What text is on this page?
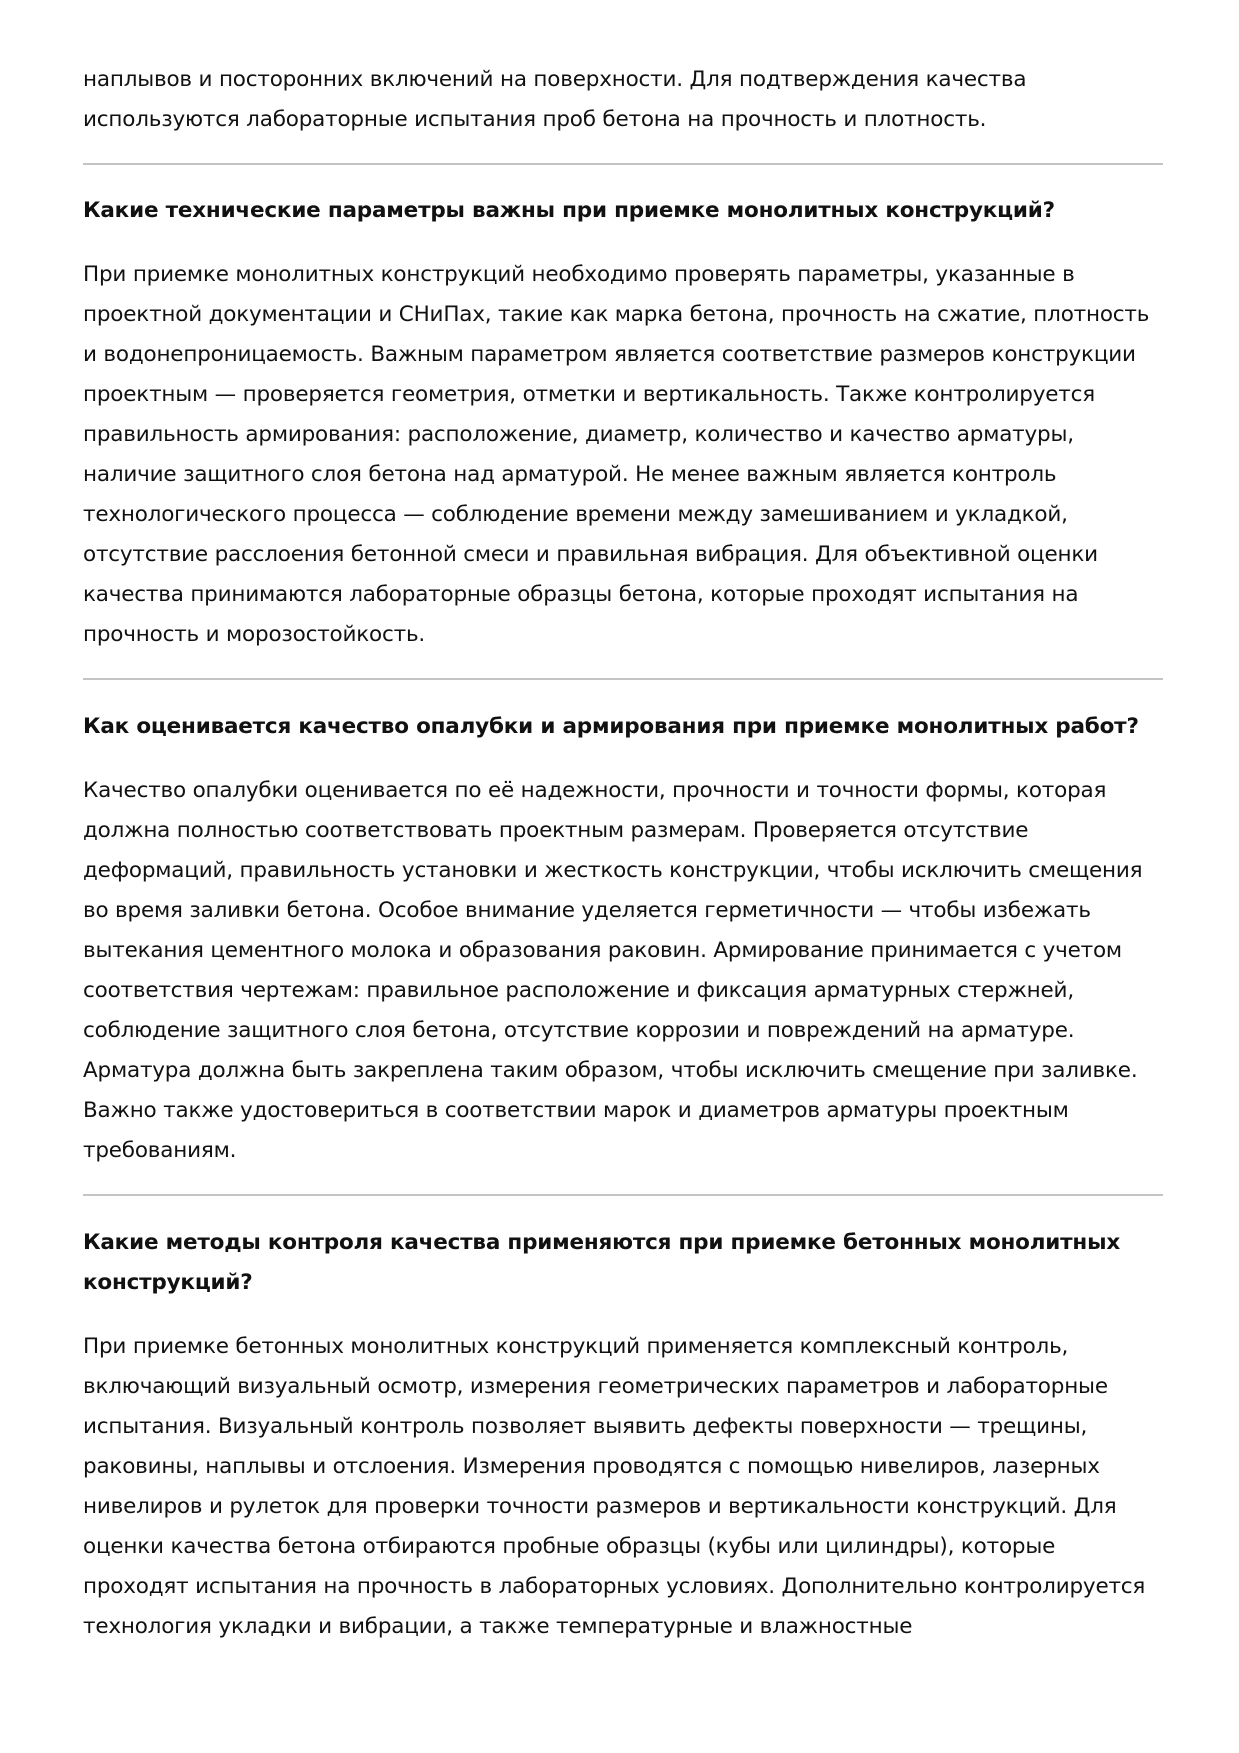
наплывов и посторонних включений на поверхности. Для подтверждения качества используются лабораторные испытания проб бетона на прочность и плотность.

Какие технические параметры важны при приемке монолитных конструкций?

При приемке монолитных конструкций необходимо проверять параметры, указанные в проектной документации и СНиПах, такие как марка бетона, прочность на сжатие, плотность и водонепроницаемость. Важным параметром является соответствие размеров конструкции проектным — проверяется геометрия, отметки и вертикальность. Также контролируется правильность армирования: расположение, диаметр, количество и качество арматуры, наличие защитного слоя бетона над арматурой. Не менее важным является контроль технологического процесса — соблюдение времени между замешиванием и укладкой, отсутствие расслоения бетонной смеси и правильная вибрация. Для объективной оценки качества принимаются лабораторные образцы бетона, которые проходят испытания на прочность и морозостойкость.

Как оценивается качество опалубки и армирования при приемке монолитных работ?

Качество опалубки оценивается по её надежности, прочности и точности формы, которая должна полностью соответствовать проектным размерам. Проверяется отсутствие деформаций, правильность установки и жесткость конструкции, чтобы исключить смещения во время заливки бетона. Особое внимание уделяется герметичности — чтобы избежать вытекания цементного молока и образования раковин. Армирование принимается с учетом соответствия чертежам: правильное расположение и фиксация арматурных стержней, соблюдение защитного слоя бетона, отсутствие коррозии и повреждений на арматуре. Арматура должна быть закреплена таким образом, чтобы исключить смещение при заливке. Важно также удостовериться в соответствии марок и диаметров арматуры проектным требованиям.

Какие методы контроля качества применяются при приемке бетонных монолитных конструкций?

При приемке бетонных монолитных конструкций применяется комплексный контроль, включающий визуальный осмотр, измерения геометрических параметров и лабораторные испытания. Визуальный контроль позволяет выявить дефекты поверхности — трещины, раковины, наплывы и отслоения. Измерения проводятся с помощью нивелиров, лазерных нивелиров и рулеток для проверки точности размеров и вертикальности конструкций. Для оценки качества бетона отбираются пробные образцы (кубы или цилиндры), которые проходят испытания на прочность в лабораторных условиях. Дополнительно контролируется технология укладки и вибрации, а также температурные и влажностные
